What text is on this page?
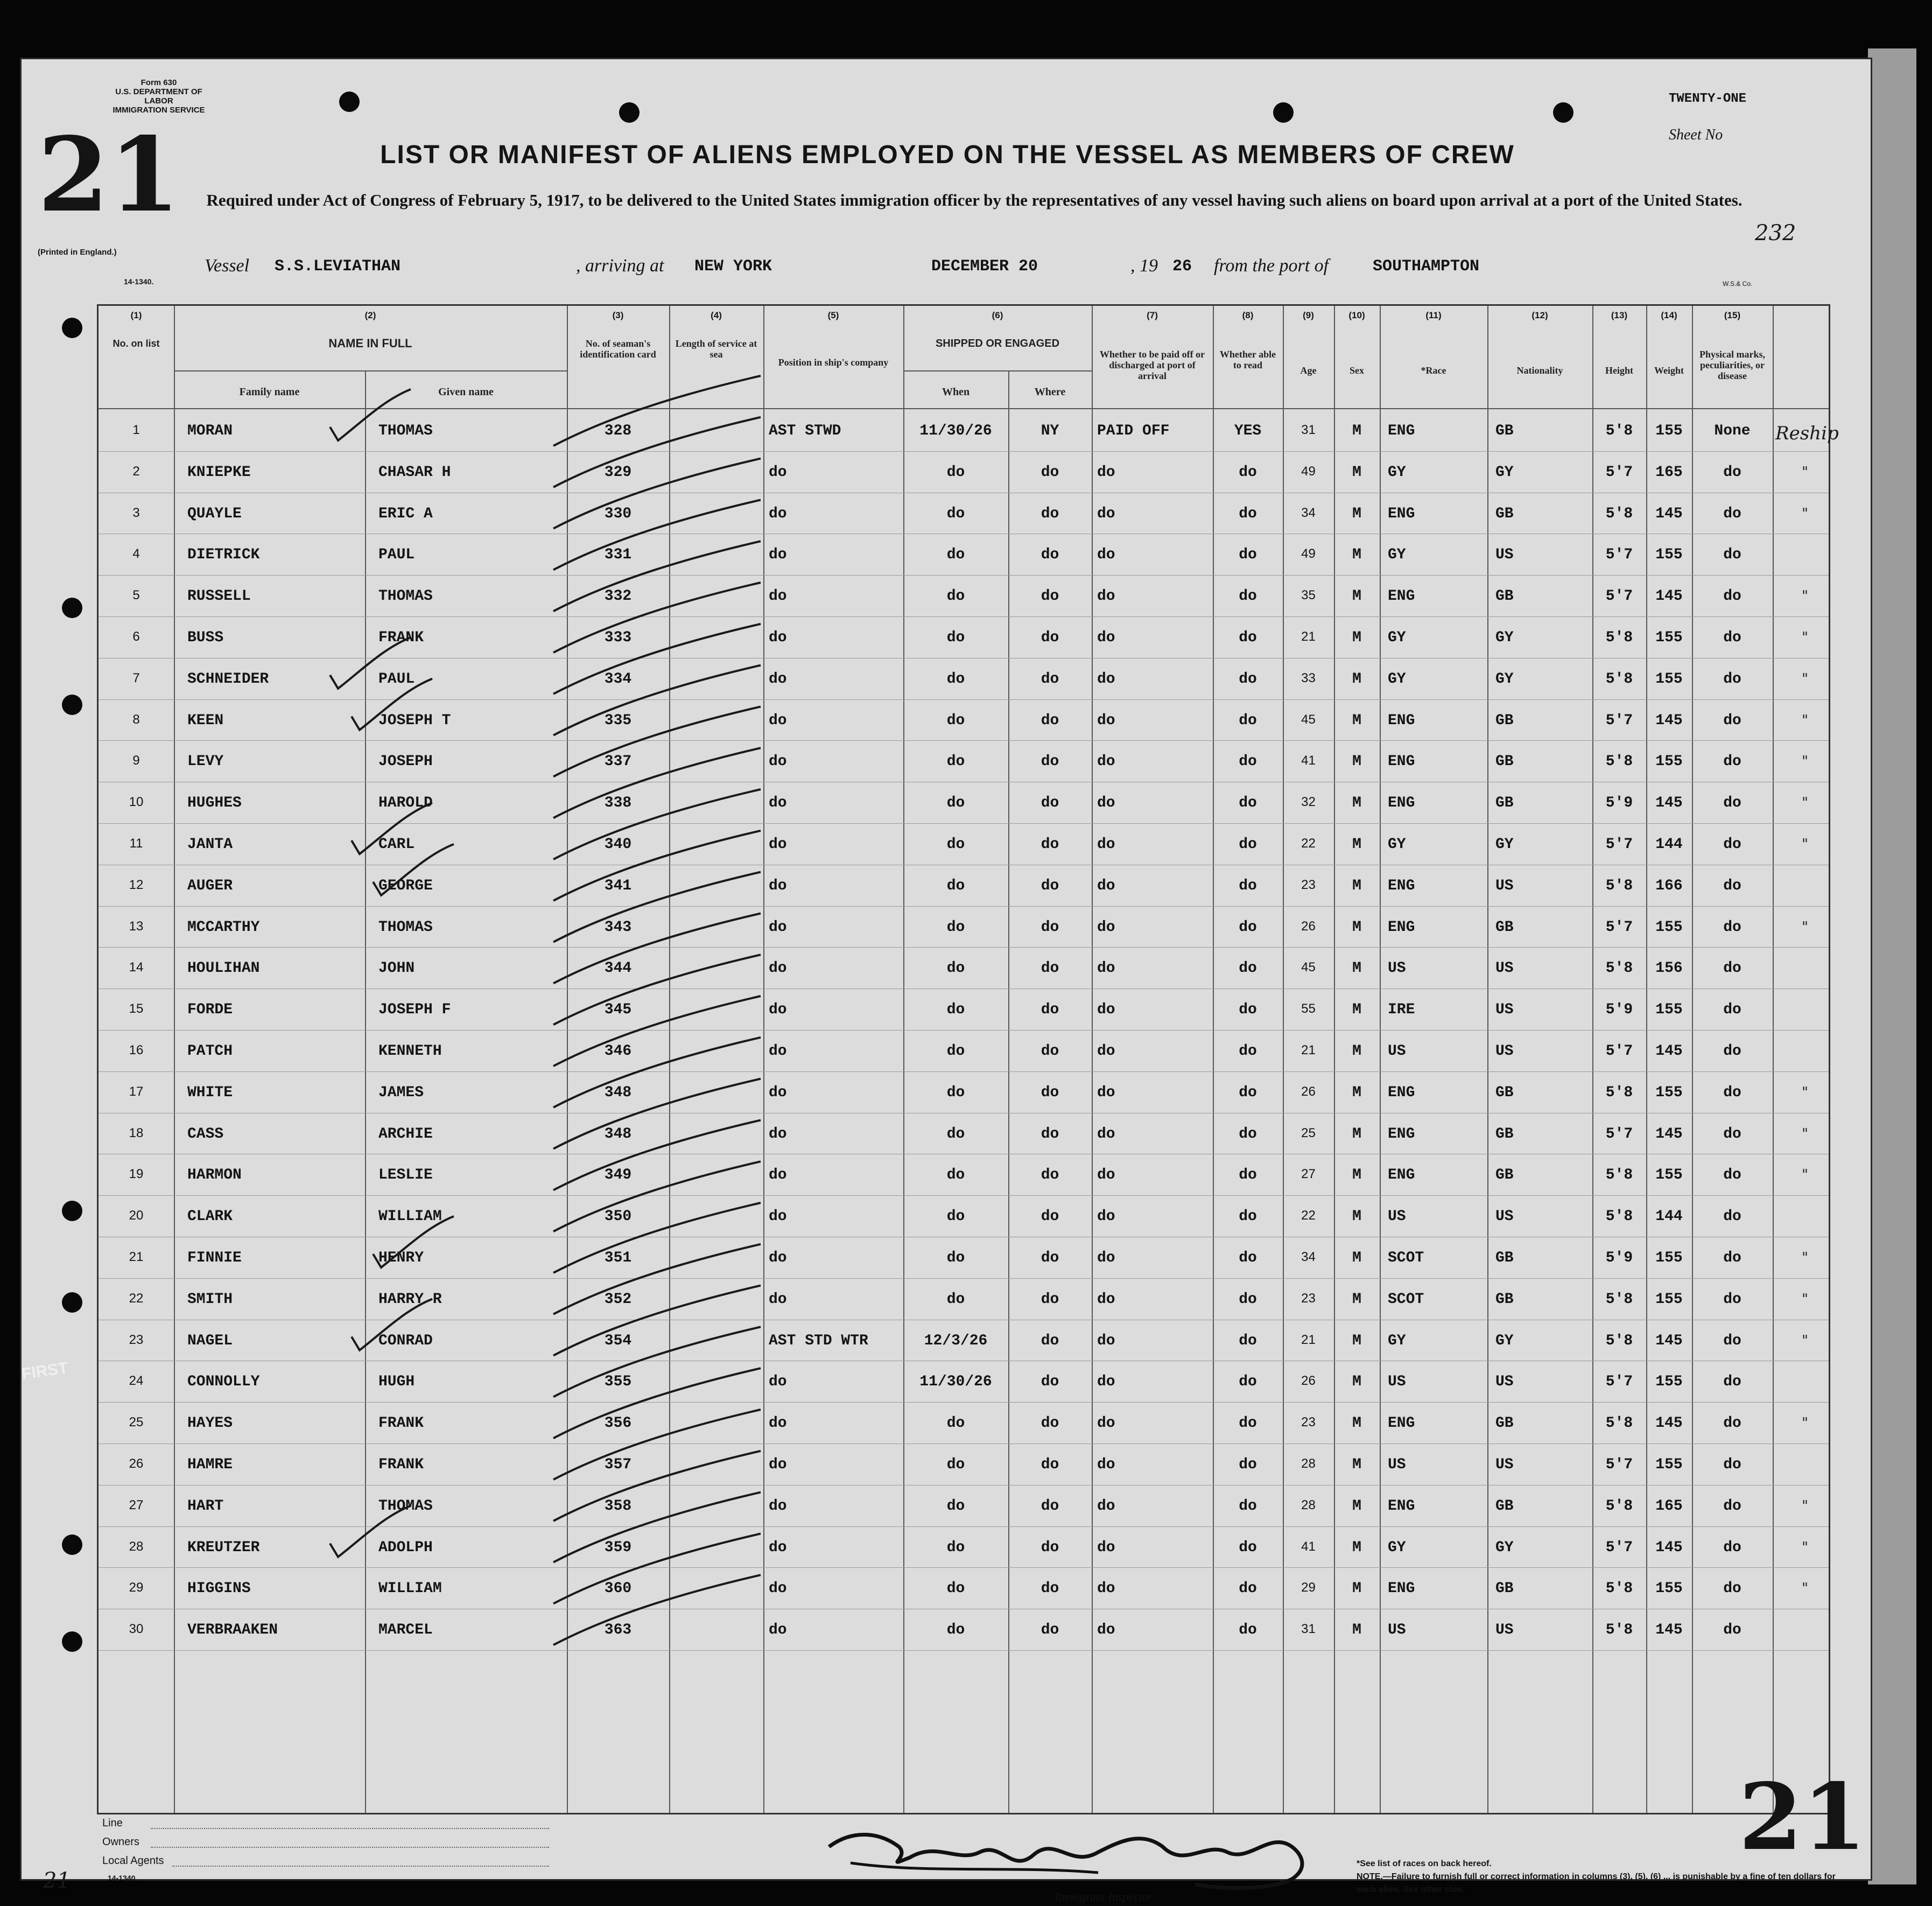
Form 630
U.S. DEPARTMENT OF LABOR
IMMIGRATION SERVICE
21
(Printed in England.)
14-1340.
LIST OR MANIFEST OF ALIENS EMPLOYED ON THE VESSEL AS MEMBERS OF CREW
Required under Act of Congress of February 5, 1917, to be delivered to the United States immigration officer by the representatives of any vessel having such aliens on board upon arrival at a port of the United States.
TWENTY-ONE
Sheet No
232
Vessel S.S.LEVIATHAN	, arriving at NEW YORK	DECEMBER 20	, 19 26 from the port of	SOUTHAMPTON
W.S.& Co.
(1)	(2)	(3)	(4)	(5)	(6)	(7)	(8)	(9)	(10)	(11)	(12)	(13)	(14)	(15)
No. on list	NAME IN FULL
Family name	Given name
No. of seaman's identification card
Length of service at sea
Position in ship's company
SHIPPED OR ENGAGED
When	Where
Whether to be paid off or discharged at port of arrival
Whether able to read	Age	Sex	*Race	Nationality	Height	Weight
Physical marks, peculiarities, or disease
1	MORAN	THOMAS	328	AST STWD	11/30/26	NY	PAID OFF	YES	31	M	ENG	GB	5'8	155	None	Reship
2	KNIEPKE	CHASAR H	329	do	do	do	do	do	49	M	GY	GY	5'7	165	do	"
3	QUAYLE	ERIC A	330	do	do	do	do	do	34	M	ENG	GB	5'8	145	do	"
4	DIETRICK	PAUL	331	do	do	do	do	do	49	M	GY	US	5'7	155	do
5	RUSSELL	THOMAS	332	do	do	do	do	do	35	M	ENG	GB	5'7	145	do	"
6	BUSS	FRANK	333	do	do	do	do	do	21	M	GY	GY	5'8	155	do	"
7	SCHNEIDER	PAUL	334	do	do	do	do	do	33	M	GY	GY	5'8	155	do	"
8	KEEN	JOSEPH T	335	do	do	do	do	do	45	M	ENG	GB	5'7	145	do	"
9	LEVY	JOSEPH	337	do	do	do	do	do	41	M	ENG	GB	5'8	155	do	"
10	HUGHES	HAROLD	338	do	do	do	do	do	32	M	ENG	GB	5'9	145	do	"
11	JANTA	CARL	340	do	do	do	do	do	22	M	GY	GY	5'7	144	do	"
12	AUGER	GEORGE	341	do	do	do	do	do	23	M	ENG	US	5'8	166	do
13	MCCARTHY	THOMAS	343	do	do	do	do	do	26	M	ENG	GB	5'7	155	do	"
14	HOULIHAN	JOHN	344	do	do	do	do	do	45	M	US	US	5'8	156	do
15	FORDE	JOSEPH F	345	do	do	do	do	do	55	M	IRE	US	5'9	155	do
16	PATCH	KENNETH	346	do	do	do	do	do	21	M	US	US	5'7	145	do
17	WHITE	JAMES	348	do	do	do	do	do	26	M	ENG	GB	5'8	155	do	"
18	CASS	ARCHIE	348	do	do	do	do	do	25	M	ENG	GB	5'7	145	do	"
19	HARMON	LESLIE	349	do	do	do	do	do	27	M	ENG	GB	5'8	155	do	"
20	CLARK	WILLIAM	350	do	do	do	do	do	22	M	US	US	5'8	144	do
21	FINNIE	HENRY	351	do	do	do	do	do	34	M	SCOT	GB	5'9	155	do	"
22	SMITH	HARRY R	352	do	do	do	do	do	23	M	SCOT	GB	5'8	155	do	"
23	NAGEL	CONRAD	354	AST STD WTR	12/3/26	do	do	do	21	M	GY	GY	5'8	145	do	"
24	CONNOLLY	HUGH	355	do	11/30/26	do	do	do	26	M	US	US	5'7	155	do
25	HAYES	FRANK	356	do	do	do	do	do	23	M	ENG	GB	5'8	145	do	"
26	HAMRE	FRANK	357	do	do	do	do	do	28	M	US	US	5'7	155	do
27	HART	THOMAS	358	do	do	do	do	do	28	M	ENG	GB	5'8	165	do	"
28	KREUTZER	ADOLPH	359	do	do	do	do	do	41	M	GY	GY	5'7	145	do	"
29	HIGGINS	WILLIAM	360	do	do	do	do	do	29	M	ENG	GB	5'8	155	do	"
30	VERBRAAKEN	MARCEL	363	do	do	do	do	do	31	M	US	US	5'8	145	do
Line
Owners
Local Agents
14-1340.
Immigrant Inspector
*See list of races on back hereof.
NOTE.—Failure to furnish full or correct information in columns (3), (5), (6) ... is punishable by a fine of ten dollars for each alien. See other side.
21
21
FIRST
